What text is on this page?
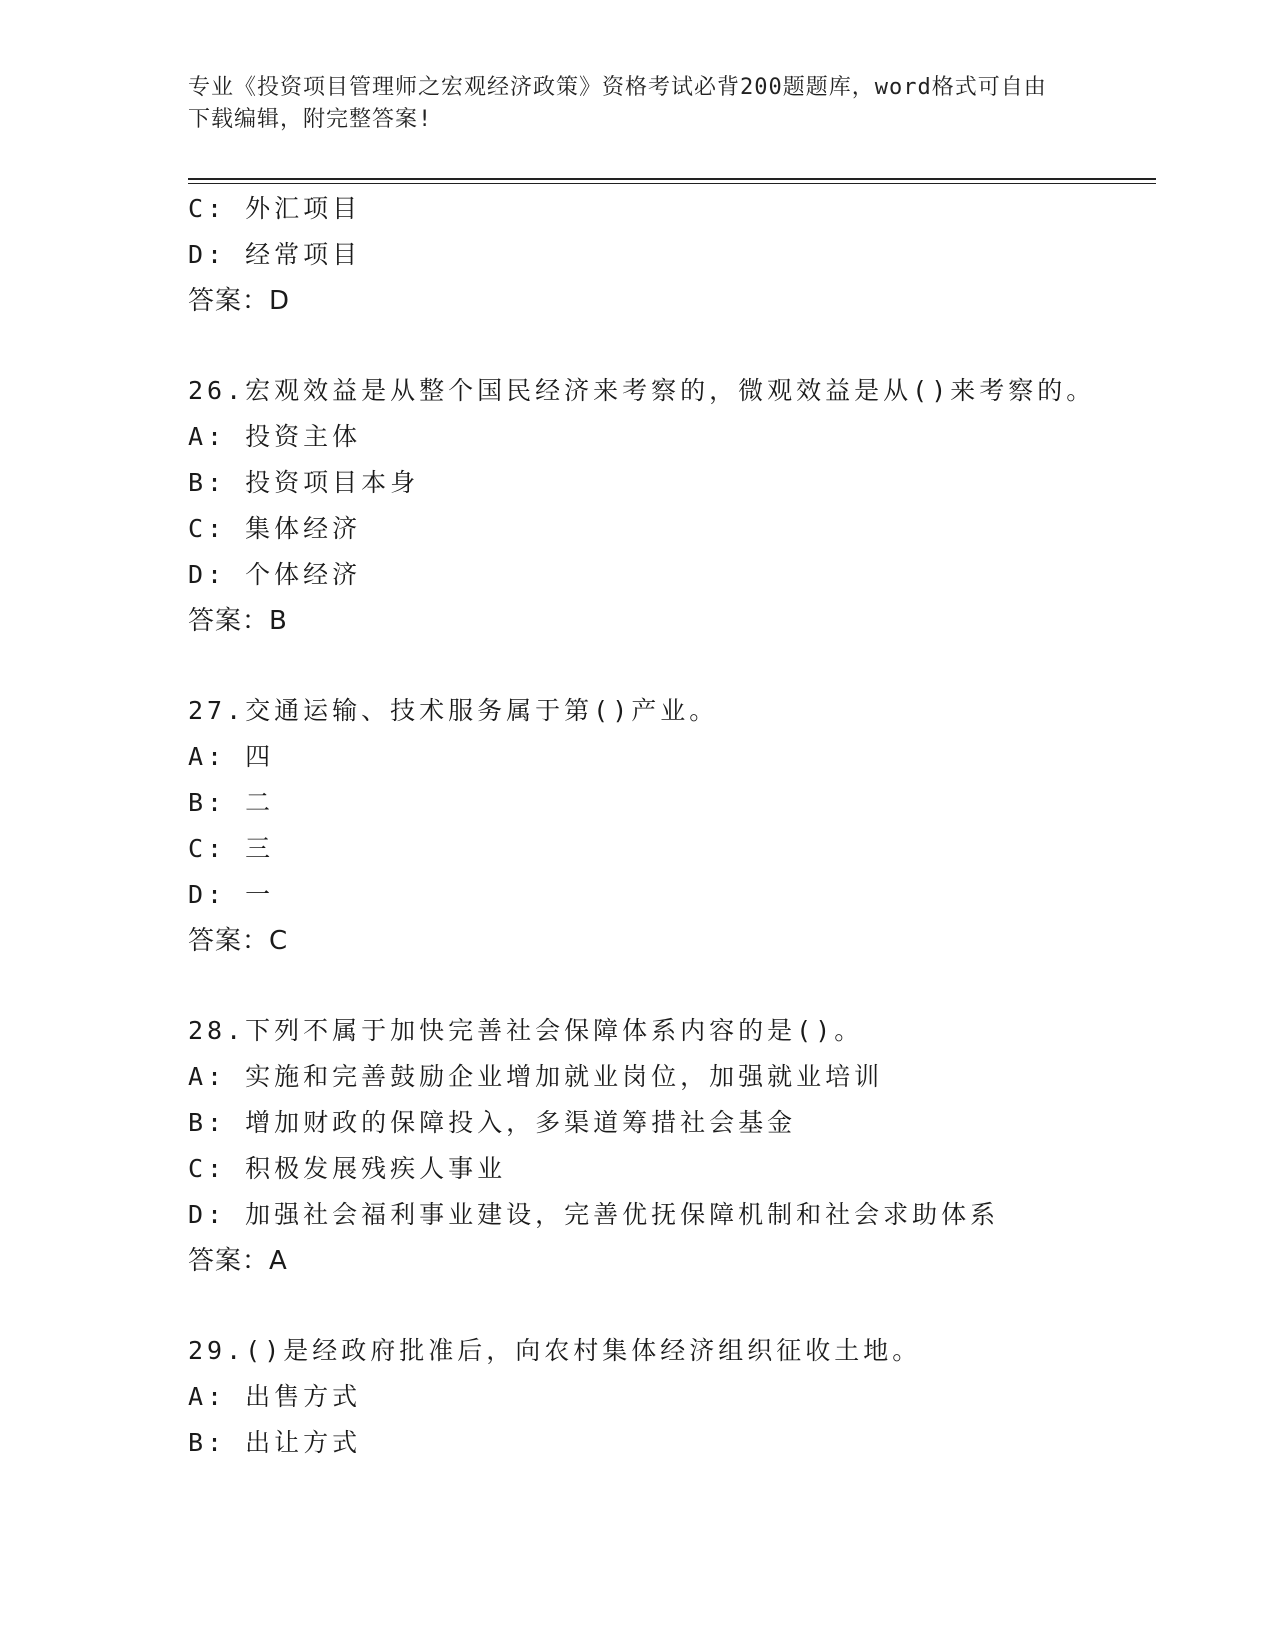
专业《投资项目管理师之宏观经济政策》资格考试必背200题题库，word格式可自由下载编辑，附完整答案!
C: 外汇项目
D: 经常项目
答案：D
26.宏观效益是从整个国民经济来考察的，微观效益是从()来考察的。
A: 投资主体
B: 投资项目本身
C: 集体经济
D: 个体经济
答案：B
27.交通运输、技术服务属于第()产业。
A: 四
B: 二
C: 三
D: 一
答案：C
28.下列不属于加快完善社会保障体系内容的是()。
A: 实施和完善鼓励企业增加就业岗位，加强就业培训
B: 增加财政的保障投入，多渠道筹措社会基金
C: 积极发展残疾人事业
D: 加强社会福利事业建设，完善优抚保障机制和社会求助体系
答案：A
29.()是经政府批准后，向农村集体经济组织征收土地。
A: 出售方式
B: 出让方式
